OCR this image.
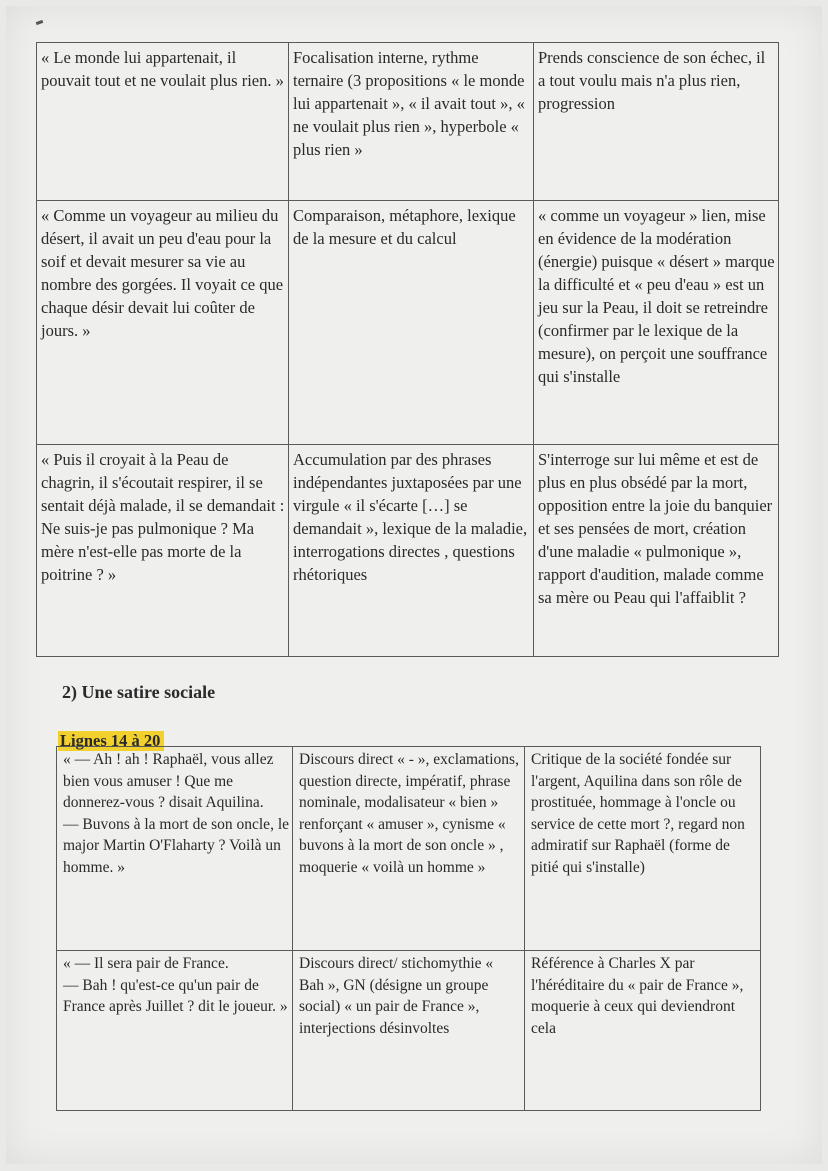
« Le monde lui appartenait, il pouvait tout et ne voulait plus rien. »	Focalisation interne, rythme ternaire (3 propositions « le monde lui appartenait », « il avait tout », « ne voulait plus rien », hyperbole « plus rien »	Prends conscience de son échec, il a tout voulu mais n'a plus rien, progression

« Comme un voyageur au milieu du désert, il avait un peu d'eau pour la soif et devait mesurer sa vie au nombre des gorgées. Il voyait ce que chaque désir devait lui coûter de jours. »	Comparaison, métaphore, lexique de la mesure et du calcul	« comme un voyageur » lien, mise en évidence de la modération (énergie) puisque « désert » marque la difficulté et « peu d'eau » est un jeu sur la Peau, il doit se retreindre (confirmer par le lexique de la mesure), on perçoit une souffrance qui s'installe

« Puis il croyait à la Peau de chagrin, il s'écoutait respirer, il se sentait déjà malade, il se demandait : Ne suis-je pas pulmonique ? Ma mère n'est-elle pas morte de la poitrine ? »	Accumulation par des phrases indépendantes juxtaposées par une virgule « il s'écarte […] se demandait », lexique de la maladie, interrogations directes , questions rhétoriques	S'interroge sur lui même et est de plus en plus obsédé par la mort, opposition entre la joie du banquier et ses pensées de mort, création d'une maladie « pulmonique », rapport d'audition, malade comme sa mère ou Peau qui l'affaiblit ?
2) Une satire sociale
Lignes 14 à 20
« — Ah ! ah ! Raphaël, vous allez bien vous amuser ! Que me donnerez-vous ? disait Aquilina.
— Buvons à la mort de son oncle, le major Martin O'Flaharty ? Voilà un homme. »	Discours direct « - », exclamations, question directe, impératif, phrase nominale, modalisateur « bien » renforçant « amuser », cynisme « buvons à la mort de son oncle » , moquerie « voilà un homme »	Critique de la société fondée sur l'argent, Aquilina dans son rôle de prostituée, hommage à l'oncle ou service de cette mort ?, regard non admiratif sur Raphaël (forme de pitié qui s'installe)

« — Il sera pair de France.
— Bah ! qu'est-ce qu'un pair de France après Juillet ? dit le joueur. »	Discours direct/ stichomythie « Bah », GN (désigne un groupe social) « un pair de France », interjections désinvoltes	Référence à Charles X par l'héréditaire du « pair de France », moquerie à ceux qui deviendront cela
